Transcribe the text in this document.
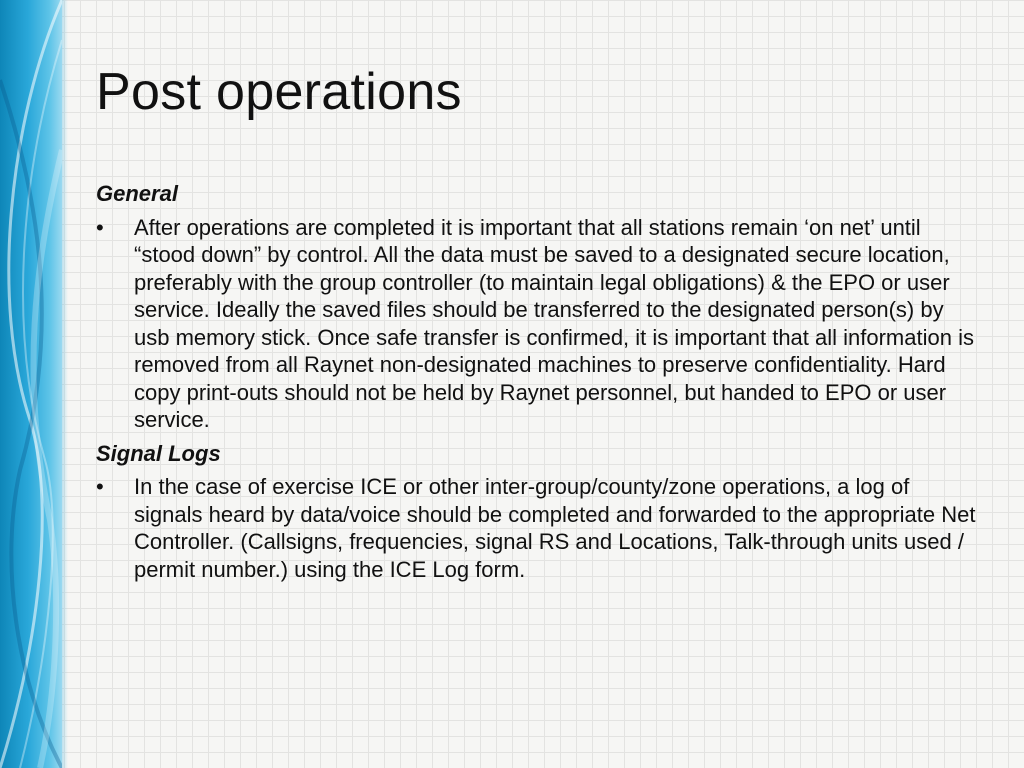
Post operations
General
•	After operations are completed it is important that all stations remain ‘on net’ until “stood down” by control. All the data must be saved to a designated secure location, preferably with the group controller (to maintain legal obligations) & the EPO or user service. Ideally the saved files should be transferred to the designated person(s) by usb memory stick. Once safe transfer is confirmed, it is important that all information is removed from all Raynet non-designated machines to preserve confidentiality. Hard copy print-outs should not be held by Raynet personnel, but handed to EPO or user service.
Signal Logs
•	In the case of exercise ICE or other inter-group/county/zone operations, a log of signals heard by data/voice should be completed and forwarded to the appropriate Net Controller. (Callsigns, frequencies, signal RS and Locations, Talk-through units used / permit number.) using the ICE Log form.
